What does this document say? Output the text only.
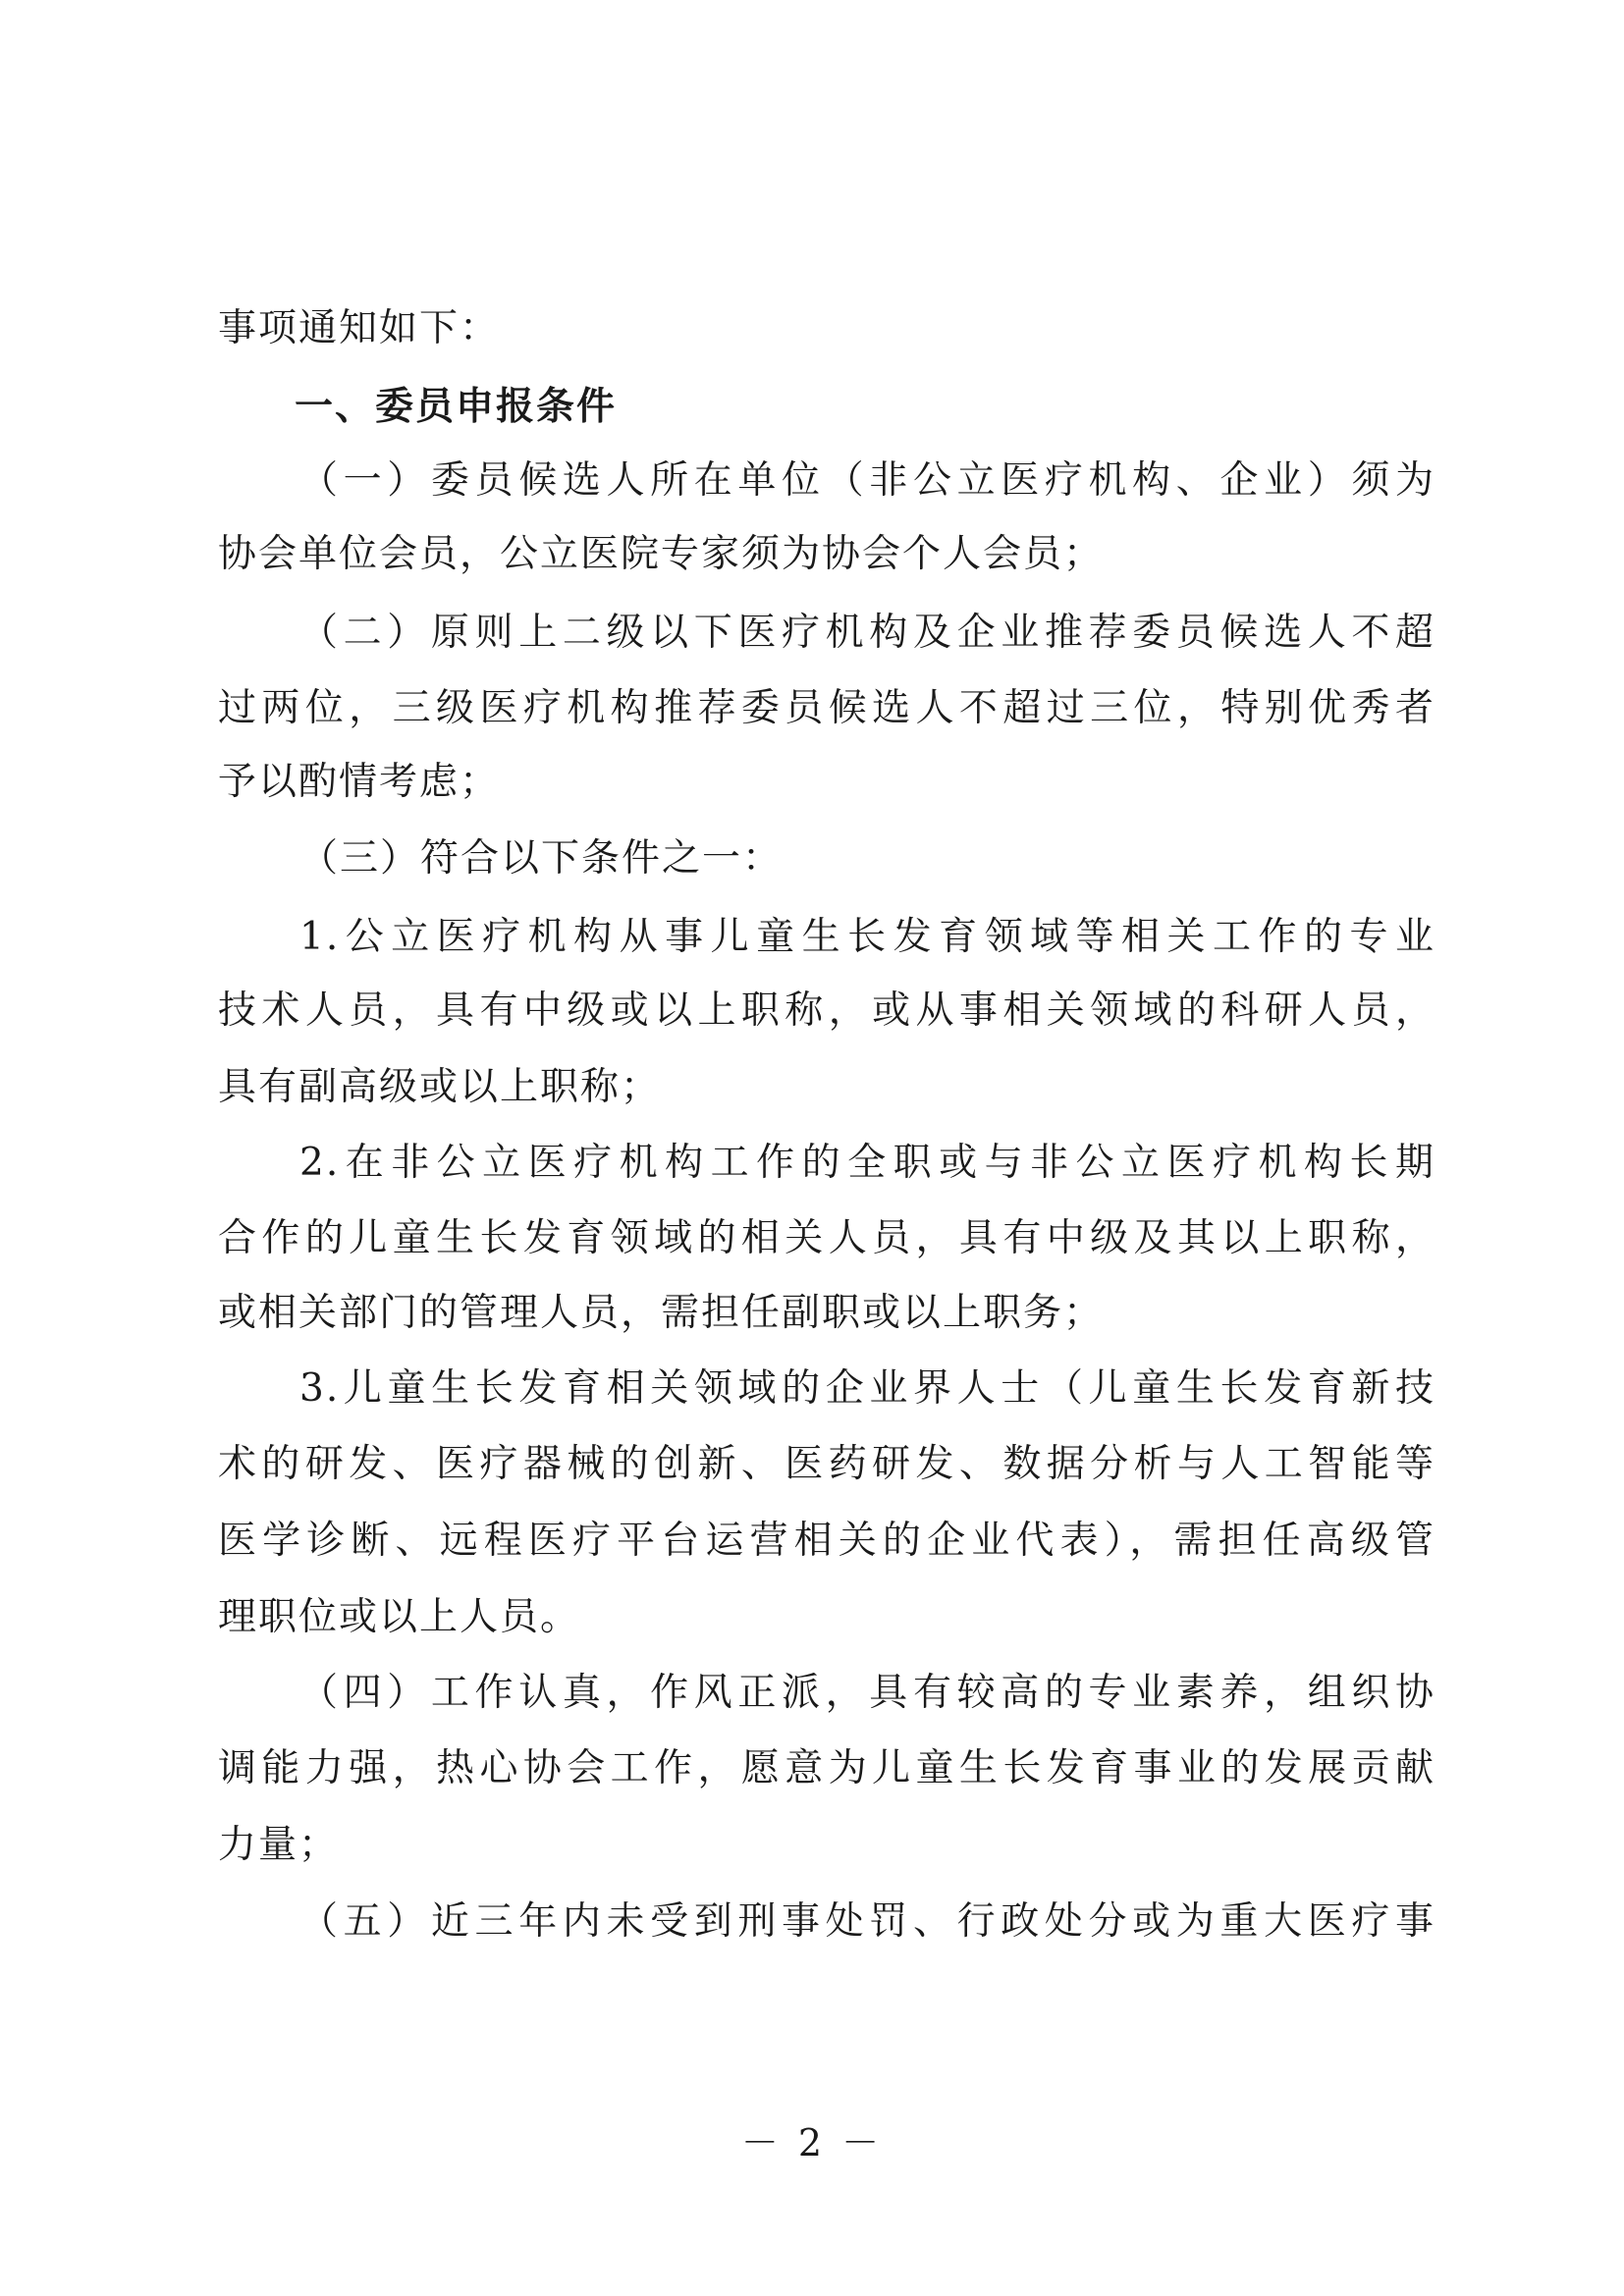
事项通知如下：
一、委员申报条件
（一）委员候选人所在单位（非公立医疗机构、企业）须为
协会单位会员，公立医院专家须为协会个人会员；
（二）原则上二级以下医疗机构及企业推荐委员候选人不超
过两位，三级医疗机构推荐委员候选人不超过三位，特别优秀者
予以酌情考虑；
（三）符合以下条件之一：
1.公立医疗机构从事儿童生长发育领域等相关工作的专业
技术人员，具有中级或以上职称，或从事相关领域的科研人员，
具有副高级或以上职称；
2.在非公立医疗机构工作的全职或与非公立医疗机构长期
合作的儿童生长发育领域的相关人员，具有中级及其以上职称，
或相关部门的管理人员，需担任副职或以上职务；
3.儿童生长发育相关领域的企业界人士（儿童生长发育新技
术的研发、医疗器械的创新、医药研发、数据分析与人工智能等
医学诊断、远程医疗平台运营相关的企业代表），需担任高级管
理职位或以上人员。
（四）工作认真，作风正派，具有较高的专业素养，组织协
调能力强，热心协会工作，愿意为儿童生长发育事业的发展贡献
力量；
（五）近三年内未受到刑事处罚、行政处分或为重大医疗事
－ 2 －
